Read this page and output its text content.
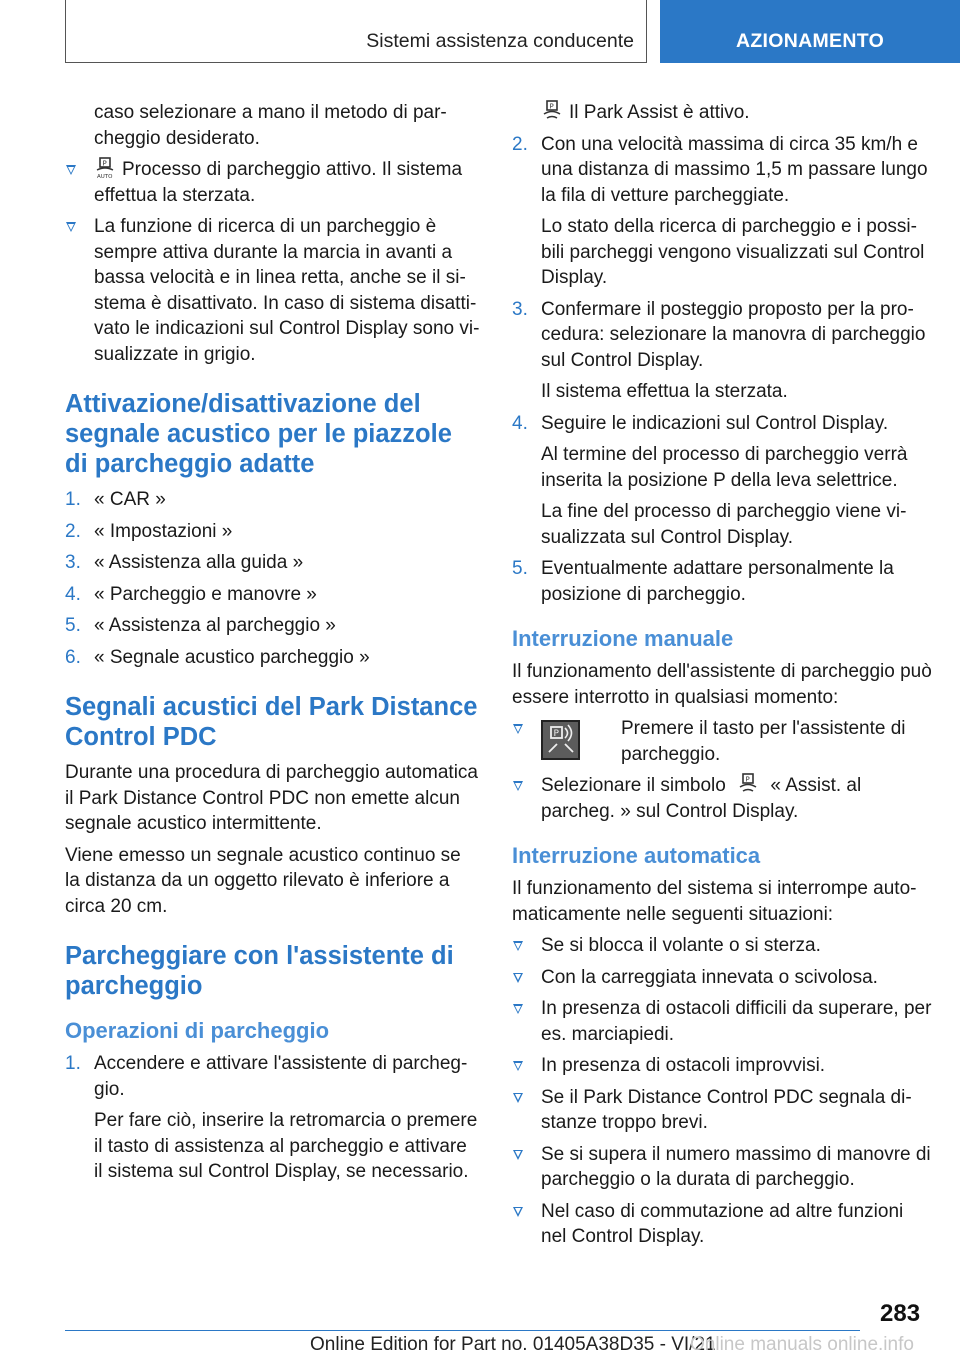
Sistemi assistenza conducente	AZIONAMENTO

caso selezionare a mano il metodo di parcheggio desiderato.

P
AUTO Processo di parcheggio attivo. Il sistema effettua la sterzata.
La funzione di ricerca di un parcheggio è sempre attiva durante la marcia in avanti a bassa velocità e in linea retta, anche se il sistema è disattivato. In caso di sistema disattivato le indicazioni sul Control Display sono visualizzate in grigio.
Attivazione/disattivazione del segnale acustico per le piazzole di parcheggio adatte
1. « CAR »
2. « Impostazioni »
3. « Assistenza alla guida »
4. « Parcheggio e manovre »
5. « Assistenza al parcheggio »
6. « Segnale acustico parcheggio »
Segnali acustici del Park Distance Control PDC

Durante una procedura di parcheggio automatica il Park Distance Control PDC non emette alcun segnale acustico intermittente.

Viene emesso un segnale acustico continuo se la distanza da un oggetto rilevato è inferiore a circa 20 cm.

Parcheggiare con l'assistente di parcheggio
Operazioni di parcheggio
1. Accendere e attivare l'assistente di parcheggio.

Per fare ciò, inserire la retromarcia o premere il tasto di assistenza al parcheggio e attivare il sistema sul Control Display, se necessario.

P Il Park Assist è attivo.

2. Con una velocità massima di circa 35 km/h e una distanza di massimo 1,5 m passare lungo la fila di vetture parcheggiate.

Lo stato della ricerca di parcheggio e i possibili parcheggi vengono visualizzati sul Control Display.

3. Confermare il posteggio proposto per la procedura: selezionare la manovra di parcheggio sul Control Display.

Il sistema effettua la sterzata.

4. Seguire le indicazioni sul Control Display.

Al termine del processo di parcheggio verrà inserita la posizione P della leva selettrice.

La fine del processo di parcheggio viene visualizzata sul Control Display.

5. Eventualmente adattare personalmente la posizione di parcheggio.
Interruzione manuale

Il funzionamento dell'assistente di parcheggio può essere interrotto in qualsiasi momento:

P	Premere il tasto per l'assistente di parcheggio.
Selezionare il simbolo	P « Assist. al parcheg. » sul Control Display.
Interruzione automatica

Il funzionamento del sistema si interrompe automaticamente nelle seguenti situazioni:

Se si blocca il volante o si sterza.
Con la carreggiata innevata o scivolosa.
In presenza di ostacoli difficili da superare, per es. marciapiedi.
In presenza di ostacoli improvvisi.
Se il Park Distance Control PDC segnala distanze troppo brevi.
Se si supera il numero massimo di manovre di parcheggio o la durata di parcheggio.
Nel caso di commutazione ad altre funzioni nel Control Display.
283
Online Edition for Part no. 01405A38D35 - VI/21
Online manuals online.info
